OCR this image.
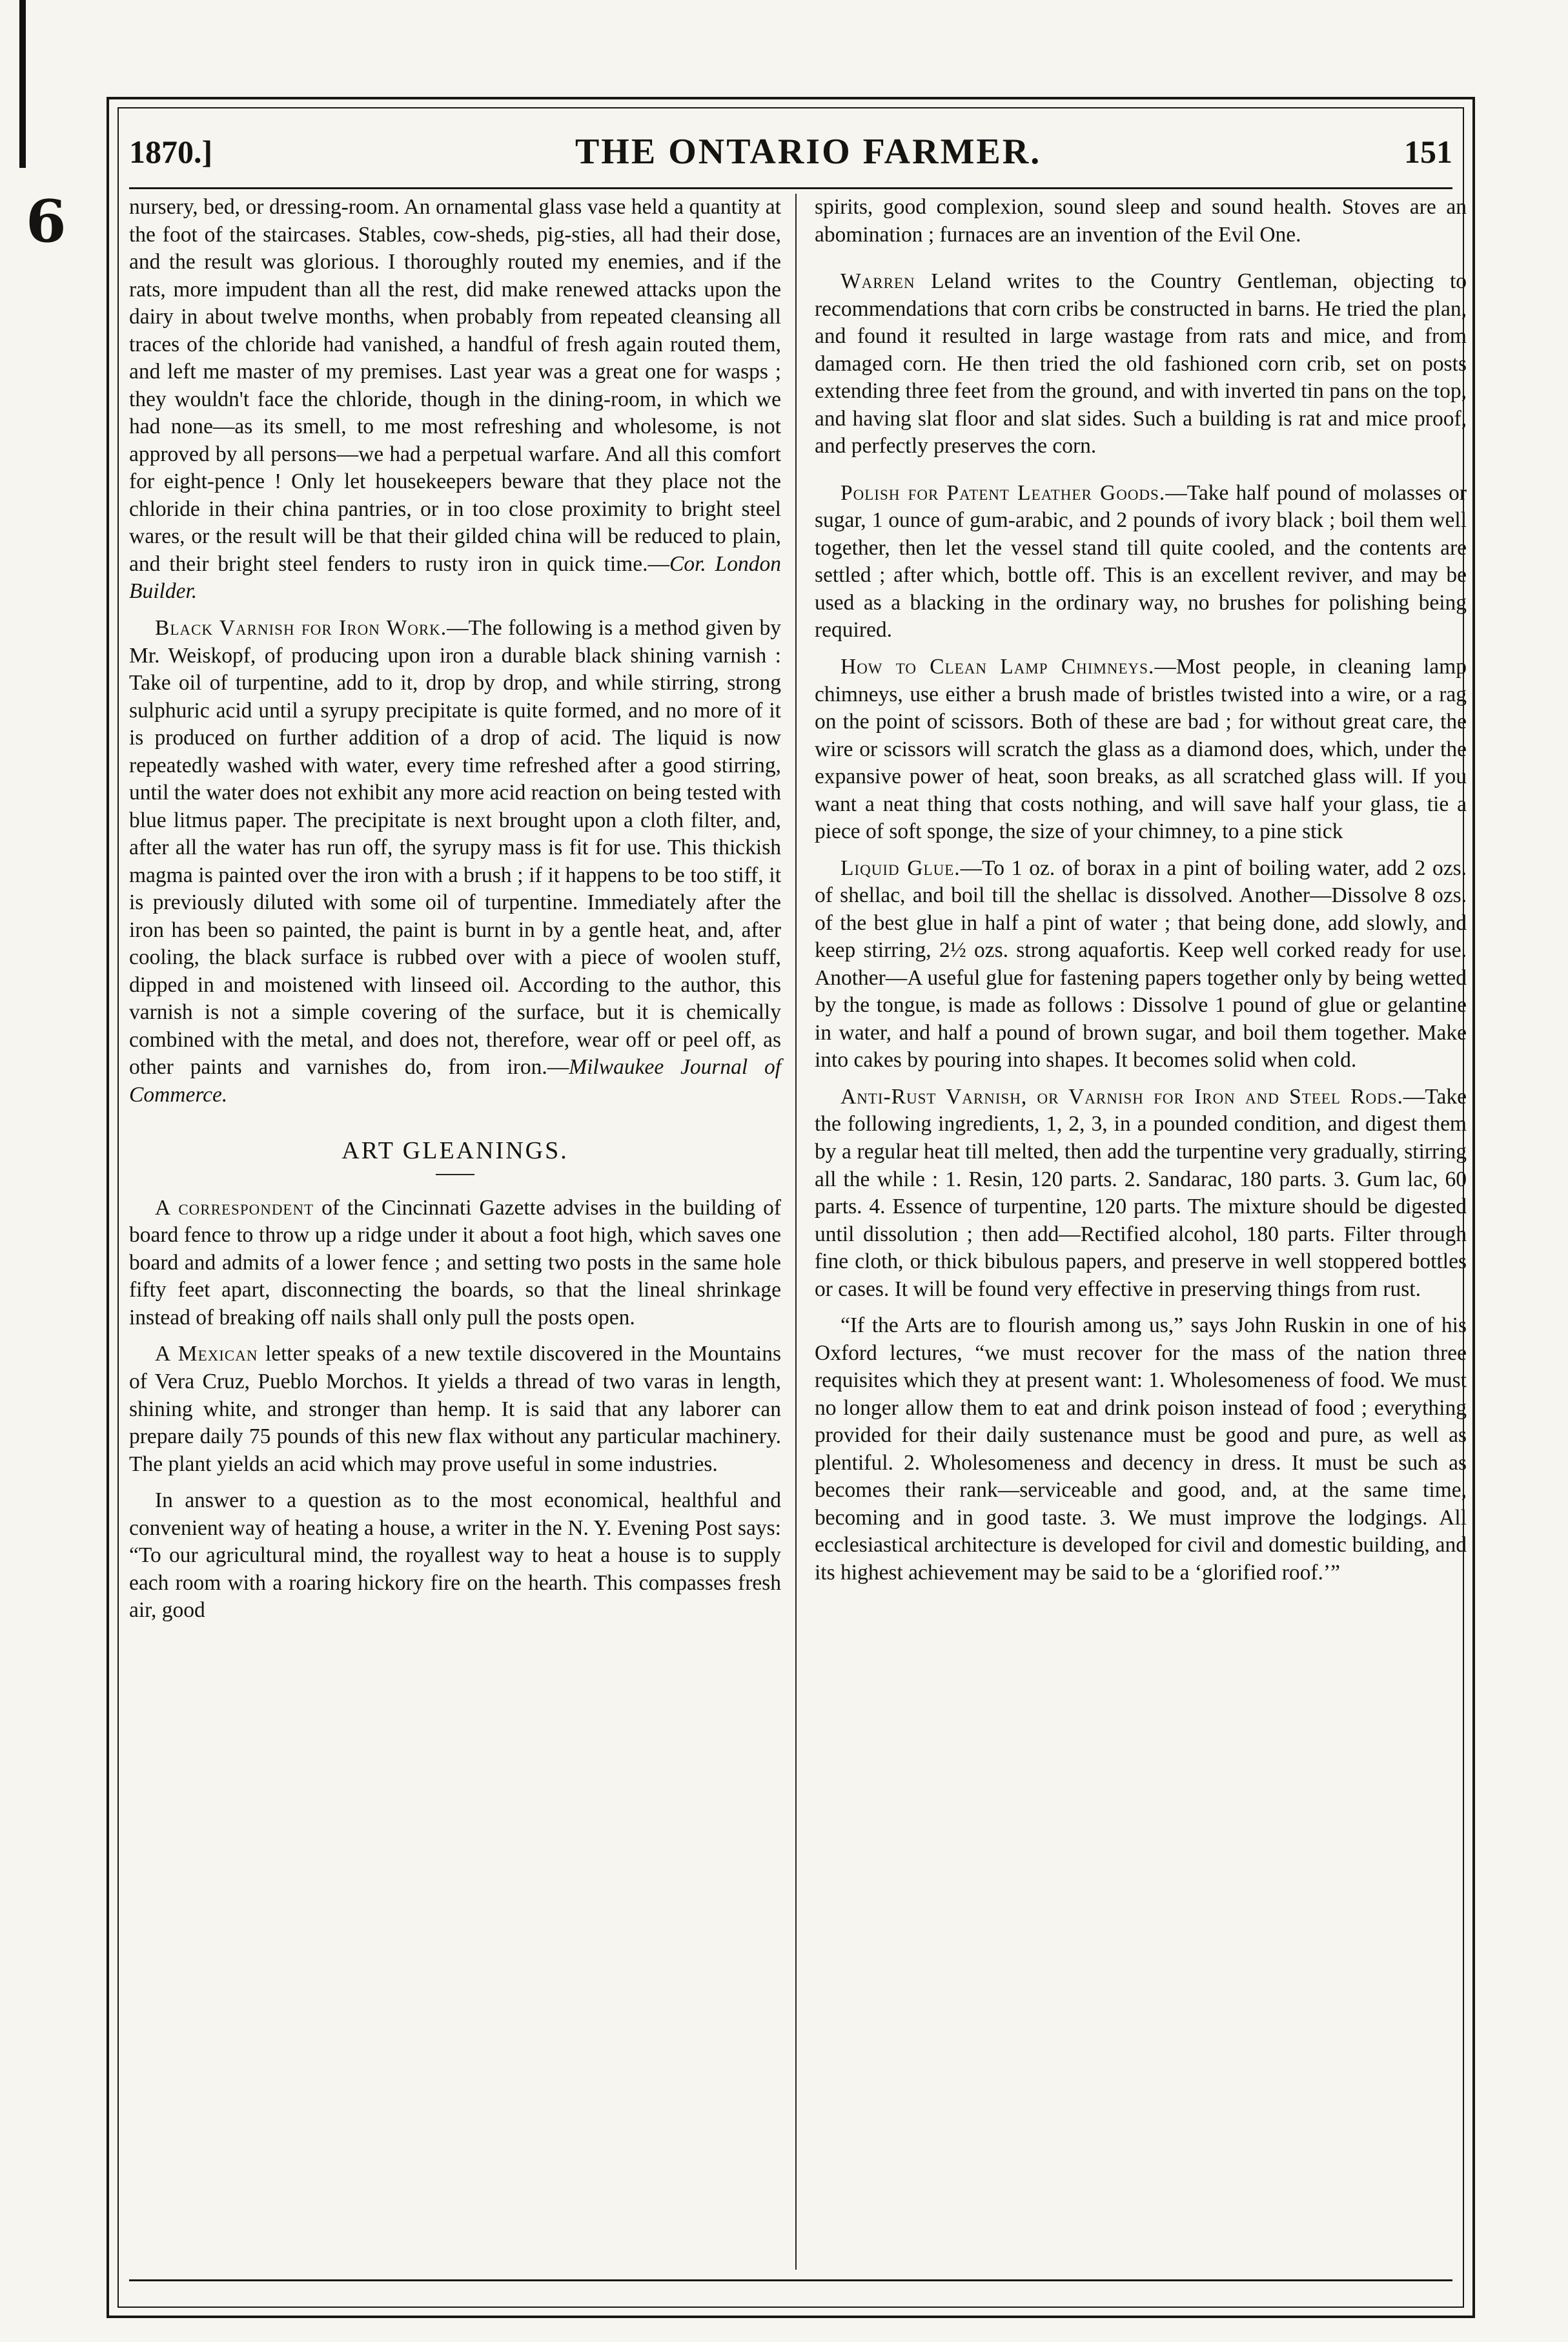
6
1870.]	THE ONTARIO FARMER.	151

nursery, bed, or dressing-room. An ornamental glass vase held a quantity at the foot of the staircases. Stables, cow-sheds, pig-sties, all had their dose, and the result was glorious. I thoroughly routed my enemies, and if the rats, more impudent than all the rest, did make renewed attacks upon the dairy in about twelve months, when probably from repeated cleansing all traces of the chloride had vanished, a handful of fresh again routed them, and left me master of my premises. Last year was a great one for wasps ; they wouldn't face the chloride, though in the dining-room, in which we had none—as its smell, to me most refreshing and wholesome, is not approved by all persons—we had a perpetual warfare. And all this comfort for eight-pence ! Only let housekeepers beware that they place not the chloride in their china pantries, or in too close proximity to bright steel wares, or the result will be that their gilded china will be reduced to plain, and their bright steel fenders to rusty iron in quick time.—Cor. London Builder.

Black Varnish for Iron Work.—The following is a method given by Mr. Weiskopf, of producing upon iron a durable black shining varnish : Take oil of turpentine, add to it, drop by drop, and while stirring, strong sulphuric acid until a syrupy precipitate is quite formed, and no more of it is produced on further addition of a drop of acid. The liquid is now repeatedly washed with water, every time refreshed after a good stirring, until the water does not exhibit any more acid reaction on being tested with blue litmus paper. The precipitate is next brought upon a cloth filter, and, after all the water has run off, the syrupy mass is fit for use. This thickish magma is painted over the iron with a brush ; if it happens to be too stiff, it is previously diluted with some oil of turpentine. Immediately after the iron has been so painted, the paint is burnt in by a gentle heat, and, after cooling, the black surface is rubbed over with a piece of woolen stuff, dipped in and moistened with linseed oil. According to the author, this varnish is not a simple covering of the surface, but it is chemically combined with the metal, and does not, therefore, wear off or peel off, as other paints and varnishes do, from iron.—Milwaukee Journal of Commerce.

ART GLEANINGS.

A correspondent of the Cincinnati Gazette advises in the building of board fence to throw up a ridge under it about a foot high, which saves one board and admits of a lower fence ; and setting two posts in the same hole fifty feet apart, disconnecting the boards, so that the lineal shrinkage instead of breaking off nails shall only pull the posts open.

A Mexican letter speaks of a new textile discovered in the Mountains of Vera Cruz, Pueblo Morchos. It yields a thread of two varas in length, shining white, and stronger than hemp. It is said that any laborer can prepare daily 75 pounds of this new flax without any particular machinery. The plant yields an acid which may prove useful in some industries.

In answer to a question as to the most economical, healthful and convenient way of heating a house, a writer in the N. Y. Evening Post says: “To our agricultural mind, the royallest way to heat a house is to supply each room with a roaring hickory fire on the hearth. This compasses fresh air, good

spirits, good complexion, sound sleep and sound health. Stoves are an abomination ; furnaces are an invention of the Evil One.

Warren Leland writes to the Country Gentleman, objecting to recommendations that corn cribs be constructed in barns. He tried the plan, and found it resulted in large wastage from rats and mice, and from damaged corn. He then tried the old fashioned corn crib, set on posts extending three feet from the ground, and with inverted tin pans on the top, and having slat floor and slat sides. Such a building is rat and mice proof, and perfectly preserves the corn.

Polish for Patent Leather Goods.—Take half pound of molasses or sugar, 1 ounce of gum-arabic, and 2 pounds of ivory black ; boil them well together, then let the vessel stand till quite cooled, and the contents are settled ; after which, bottle off. This is an excellent reviver, and may be used as a blacking in the ordinary way, no brushes for polishing being required.

How to Clean Lamp Chimneys.—Most people, in cleaning lamp chimneys, use either a brush made of bristles twisted into a wire, or a rag on the point of scissors. Both of these are bad ; for without great care, the wire or scissors will scratch the glass as a diamond does, which, under the expansive power of heat, soon breaks, as all scratched glass will. If you want a neat thing that costs nothing, and will save half your glass, tie a piece of soft sponge, the size of your chimney, to a pine stick

Liquid Glue.—To 1 oz. of borax in a pint of boiling water, add 2 ozs. of shellac, and boil till the shellac is dissolved. Another—Dissolve 8 ozs. of the best glue in half a pint of water ; that being done, add slowly, and keep stirring, 2½ ozs. strong aquafortis. Keep well corked ready for use. Another—A useful glue for fastening papers together only by being wetted by the tongue, is made as follows : Dissolve 1 pound of glue or gelantine in water, and half a pound of brown sugar, and boil them together. Make into cakes by pouring into shapes. It becomes solid when cold.

Anti-Rust Varnish, or Varnish for Iron and Steel Rods.—Take the following ingredients, 1, 2, 3, in a pounded condition, and digest them by a regular heat till melted, then add the turpentine very gradually, stirring all the while : 1. Resin, 120 parts. 2. Sandarac, 180 parts. 3. Gum lac, 60 parts. 4. Essence of turpentine, 120 parts. The mixture should be digested until dissolution ; then add—Rectified alcohol, 180 parts. Filter through fine cloth, or thick bibulous papers, and preserve in well stoppered bottles or cases. It will be found very effective in preserving things from rust.

“If the Arts are to flourish among us,” says John Ruskin in one of his Oxford lectures, “we must recover for the mass of the nation three requisites which they at present want: 1. Wholesomeness of food. We must no longer allow them to eat and drink poison instead of food ; everything provided for their daily sustenance must be good and pure, as well as plentiful. 2. Wholesomeness and decency in dress. It must be such as becomes their rank—serviceable and good, and, at the same time, becoming and in good taste. 3. We must improve the lodgings. All ecclesiastical architecture is developed for civil and domestic building, and its highest achievement may be said to be a ‘glorified roof.’”
